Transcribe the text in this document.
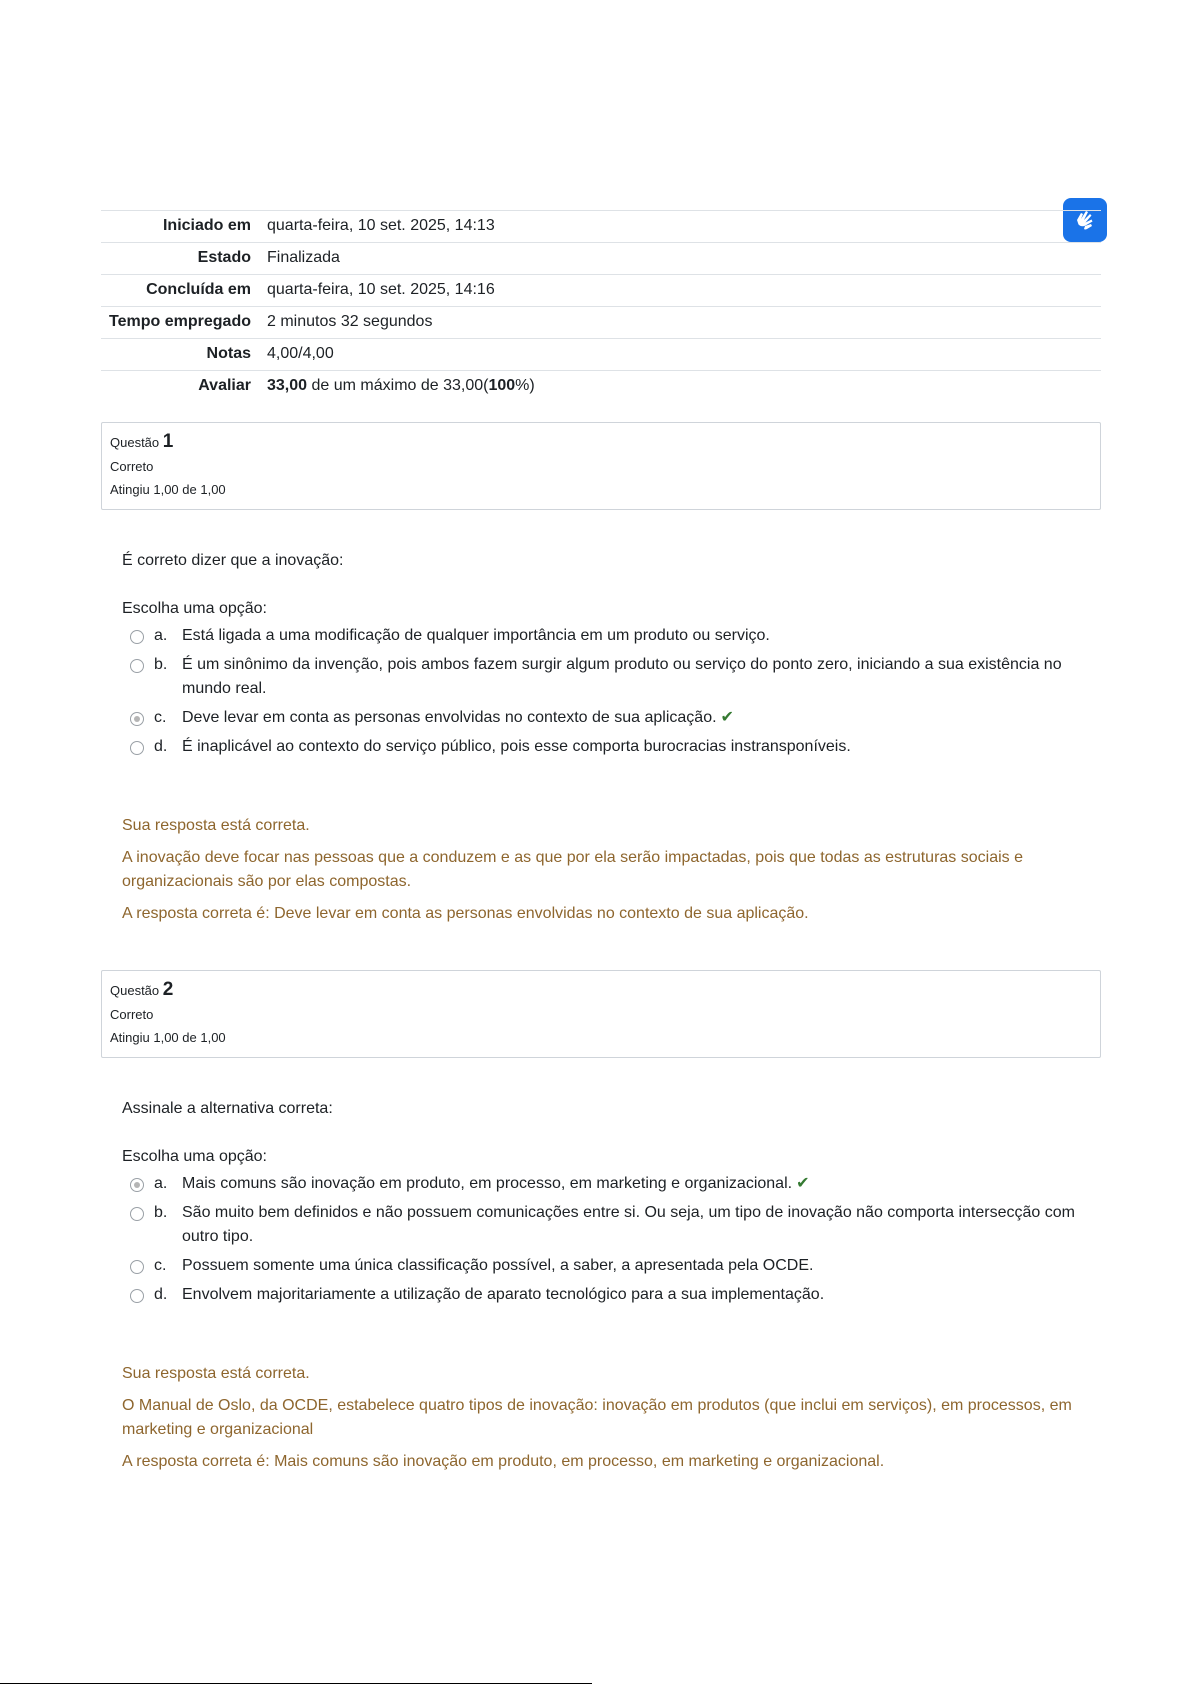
Iniciado em	quarta-feira, 10 set. 2025, 14:13
Estado	Finalizada
Concluída em	quarta-feira, 10 set. 2025, 14:16
Tempo empregado	2 minutos 32 segundos
Notas	4,00/4,00
Avaliar	33,00 de um máximo de 33,00(100%)
Questão 1
Correto
Atingiu 1,00 de 1,00
É correto dizer que a inovação:
Escolha uma opção:
a. Está ligada a uma modificação de qualquer importância em um produto ou serviço.
b. É um sinônimo da invenção, pois ambos fazem surgir algum produto ou serviço do ponto zero, iniciando a sua existência no mundo real.
c. Deve levar em conta as personas envolvidas no contexto de sua aplicação. ✔
d. É inaplicável ao contexto do serviço público, pois esse comporta burocracias instransponíveis.

Sua resposta está correta.

A inovação deve focar nas pessoas que a conduzem e as que por ela serão impactadas, pois que todas as estruturas sociais e organizacionais são por elas compostas.

A resposta correta é: Deve levar em conta as personas envolvidas no contexto de sua aplicação.

Questão 2
Correto
Atingiu 1,00 de 1,00
Assinale a alternativa correta:
Escolha uma opção:
a. Mais comuns são inovação em produto, em processo, em marketing e organizacional. ✔
b. São muito bem definidos e não possuem comunicações entre si. Ou seja, um tipo de inovação não comporta intersecção com outro tipo.
c. Possuem somente uma única classificação possível, a saber, a apresentada pela OCDE.
d. Envolvem majoritariamente a utilização de aparato tecnológico para a sua implementação.

Sua resposta está correta.

O Manual de Oslo, da OCDE, estabelece quatro tipos de inovação: inovação em produtos (que inclui em serviços), em processos, em marketing e organizacional

A resposta correta é: Mais comuns são inovação em produto, em processo, em marketing e organizacional.
